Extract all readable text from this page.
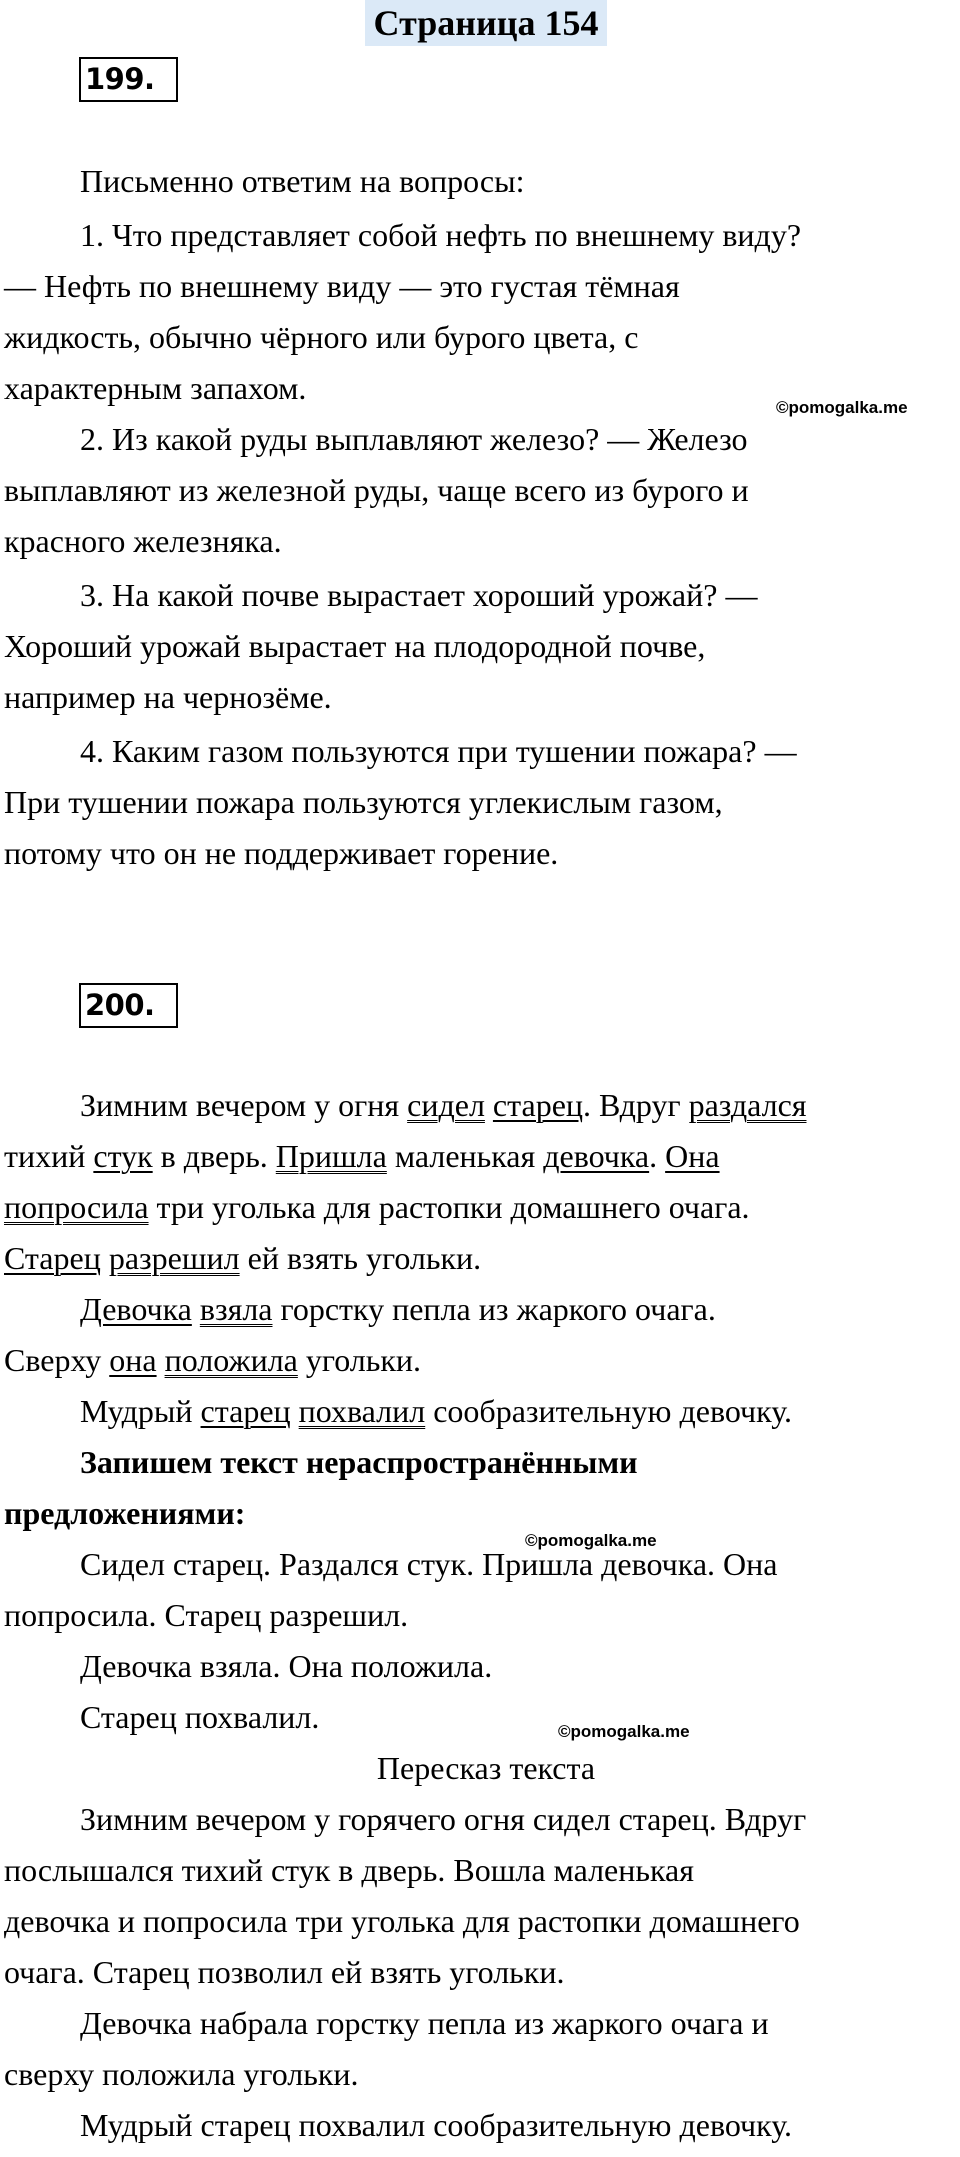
Страница 154
199.
Письменно ответим на вопросы:
1. Что представляет собой нефть по внешнему виду?
— Нефть по внешнему виду — это густая тёмная
жидкость, обычно чёрного или бурого цвета, с
характерным запахом.
2. Из какой руды выплавляют железо? — Железо
выплавляют из железной руды, чаще всего из бурого и
красного железняка.
3. На какой почве вырастает хороший урожай? —
Хороший урожай вырастает на плодородной почве,
например на чернозёме.
4. Каким газом пользуются при тушении пожара? —
При тушении пожара пользуются углекислым газом,
потому что он не поддерживает горение.
©pomogalka.me
200.
Зимним вечером у огня сидел старец. Вдруг раздался
тихий стук в дверь. Пришла маленькая девочка. Она
попросила три уголька для растопки домашнего очага.
Старец разрешил ей взять угольки.
Девочка взяла горстку пепла из жаркого очага.
Сверху она положила угольки.
Мудрый старец похвалил сообразительную девочку.
Запишем текст нераспространёнными
предложениями:
Сидел старец. Раздался стук. Пришла девочка. Она
попросила. Старец разрешил.
Девочка взяла. Она положила.
Старец похвалил.
Пересказ текста
Зимним вечером у горячего огня сидел старец. Вдруг
послышался тихий стук в дверь. Вошла маленькая
девочка и попросила три уголька для растопки домашнего
очага. Старец позволил ей взять угольки.
Девочка набрала горстку пепла из жаркого очага и
сверху положила угольки.
Мудрый старец похвалил сообразительную девочку.
©pomogalka.me
©pomogalka.me
